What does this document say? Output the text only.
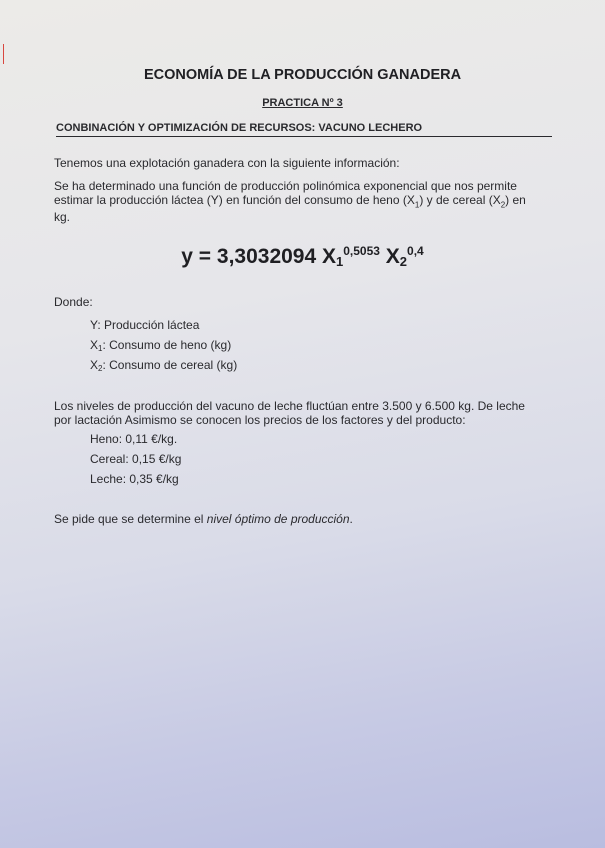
ECONOMÍA DE LA PRODUCCIÓN GANADERA
PRACTICA Nº 3
CONBINACIÓN Y OPTIMIZACIÓN DE RECURSOS: VACUNO LECHERO
Tenemos una explotación ganadera con la siguiente información:
Se ha determinado una función de producción polinómica exponencial que nos permite
estimar la producción láctea (Y) en función del consumo de heno $(X_1)$ y de cereal $(X_2)$ en
kg.
y = 3,3032094 $X_1^{0,5053}$ $X_2^{0,4}$
Donde:
Y: Producción láctea
$X_1$: Consumo de heno (kg)
$X_2$: Consumo de cereal (kg)
Los niveles de producción del vacuno de leche fluctúan entre 3.500 y 6.500 kg. De leche
por lactación Asimismo se conocen los precios de los factores y del producto:
Heno: 0,11 €/kg.
Cereal: 0,15 €/kg
Leche: 0,35 €/kg
Se pide que se determine el nivel óptimo de producción.
